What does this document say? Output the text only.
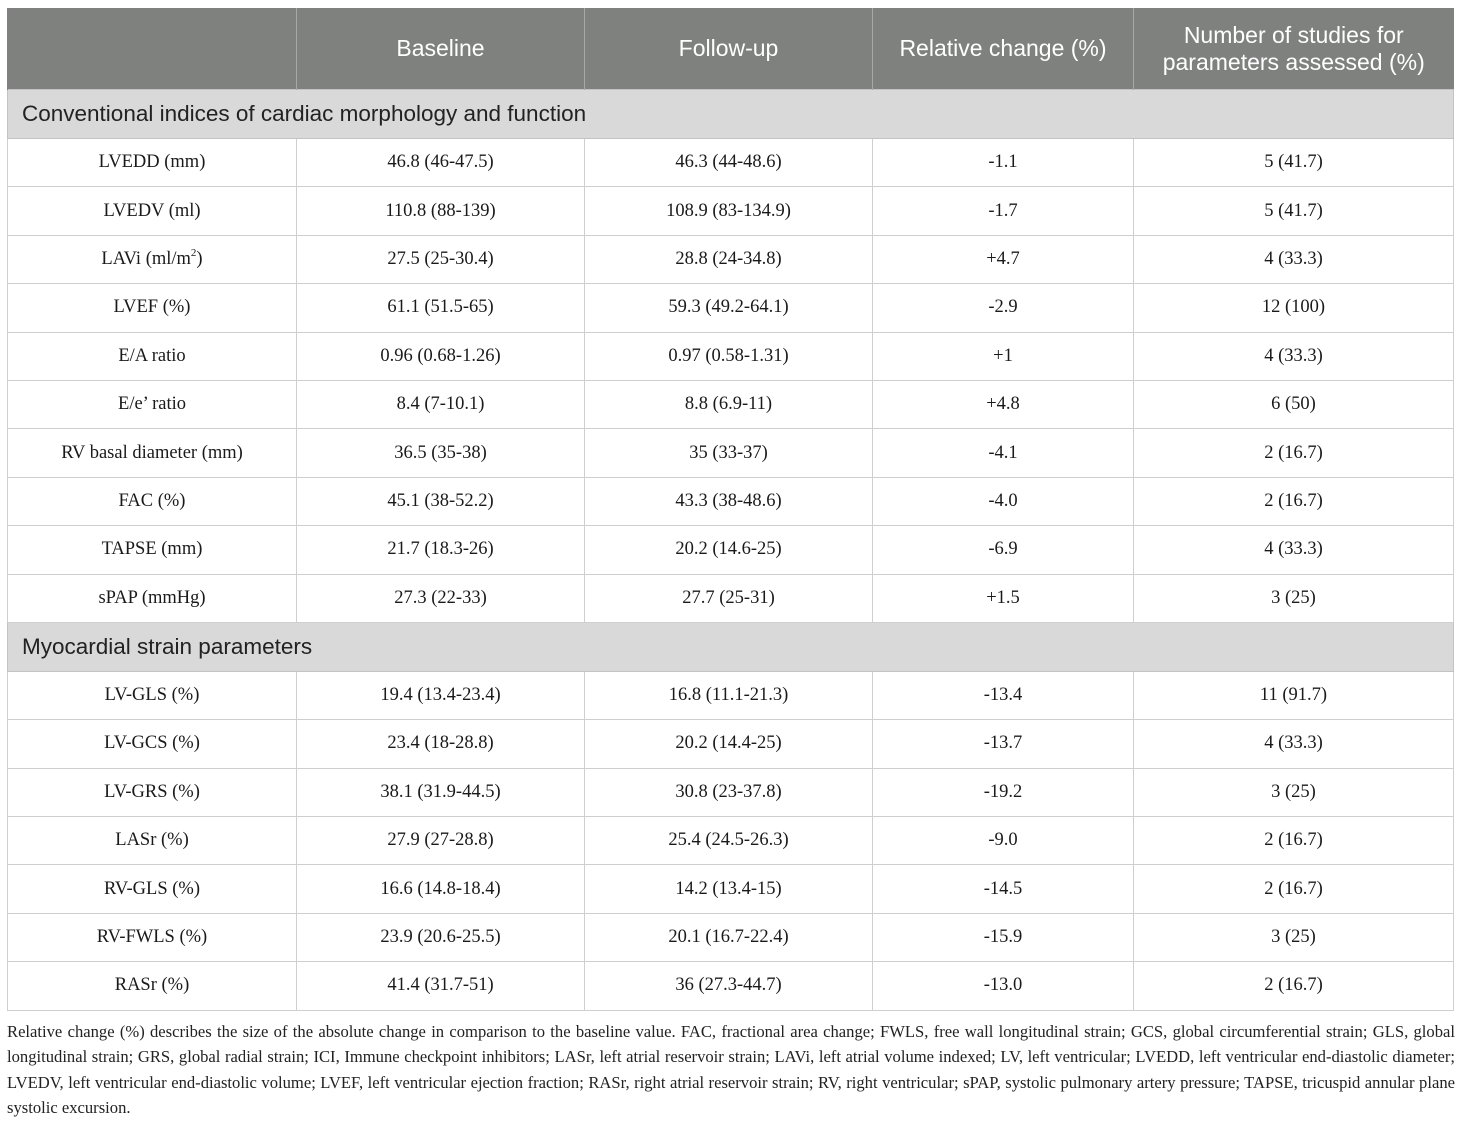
	Baseline	Follow-up	Relative change (%)	Number of studies for parameters assessed (%)
Conventional indices of cardiac morphology and function				
LVEDD (mm)	46.8 (46-47.5)	46.3 (44-48.6)	-1.1	5 (41.7)
LVEDV (ml)	110.8 (88-139)	108.9 (83-134.9)	-1.7	5 (41.7)
LAVi $(ml/m^2)$	27.5 (25-30.4)	28.8 (24-34.8)	+4.7	4 (33.3)
LVEF (%)	61.1 (51.5-65)	59.3 (49.2-64.1)	-2.9	12 (100)
E/A ratio	0.96 (0.68-1.26)	0.97 (0.58-1.31)	+1	4 (33.3)
E/e’ ratio	8.4 (7-10.1)	8.8 (6.9-11)	+4.8	6 (50)
RV basal diameter (mm)	36.5 (35-38)	35 (33-37)	-4.1	2 (16.7)
FAC (%)	45.1 (38-52.2)	43.3 (38-48.6)	-4.0	2 (16.7)
TAPSE (mm)	21.7 (18.3-26)	20.2 (14.6-25)	-6.9	4 (33.3)
sPAP (mmHg)	27.3 (22-33)	27.7 (25-31)	+1.5	3 (25)
Myocardial strain parameters				
LV-GLS (%)	19.4 (13.4-23.4)	16.8 (11.1-21.3)	-13.4	11 (91.7)
LV-GCS (%)	23.4 (18-28.8)	20.2 (14.4-25)	-13.7	4 (33.3)
LV-GRS (%)	38.1 (31.9-44.5)	30.8 (23-37.8)	-19.2	3 (25)
LASr (%)	27.9 (27-28.8)	25.4 (24.5-26.3)	-9.0	2 (16.7)
RV-GLS (%)	16.6 (14.8-18.4)	14.2 (13.4-15)	-14.5	2 (16.7)
RV-FWLS (%)	23.9 (20.6-25.5)	20.1 (16.7-22.4)	-15.9	3 (25)
RASr (%)	41.4 (31.7-51)	36 (27.3-44.7)	-13.0	2 (16.7)
Relative change (%) describes the size of the absolute change in comparison to the baseline value. FAC, fractional area change; FWLS, free wall longitudinal strain; GCS, global circumferential strain; GLS, global longitudinal strain; GRS, global radial strain; ICI, Immune checkpoint inhibitors; LASr, left atrial reservoir strain; LAVi, left atrial volume indexed; LV, left ventricular; LVEDD, left ventricular end-diastolic diameter; LVEDV, left ventricular end-diastolic volume; LVEF, left ventricular ejection fraction; RASr, right atrial reservoir strain; RV, right ventricular; sPAP, systolic pulmonary artery pressure; TAPSE, tricuspid annular plane systolic excursion.
